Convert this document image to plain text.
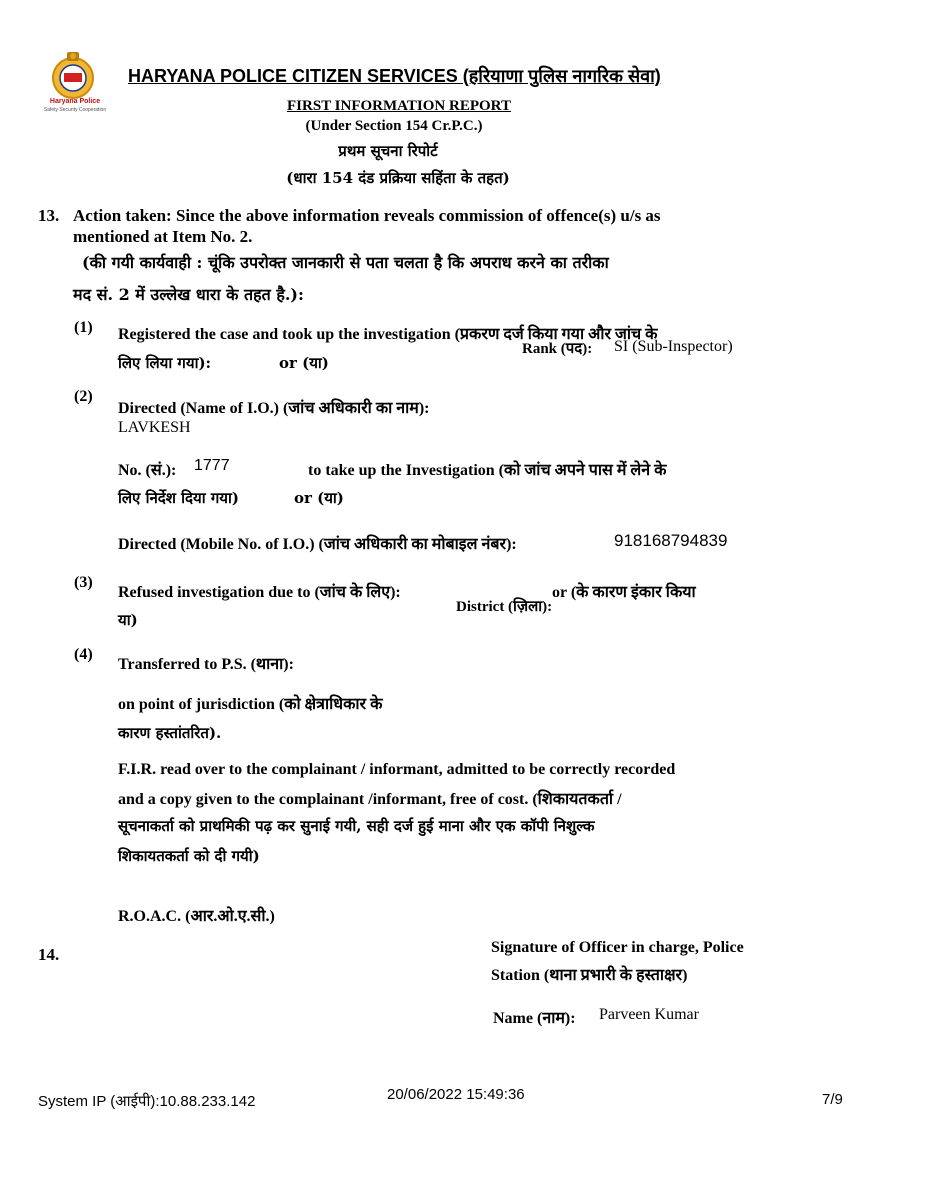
Haryana Police
Safety Security Cooperation
HARYANA POLICE CITIZEN SERVICES (हरियाणा पुलिस नागरिक सेवा)
FIRST INFORMATION REPORT
(Under Section 154 Cr.P.C.)
प्रथम सूचना रिपोर्ट
(धारा 154 दंड प्रक्रिया सहिंता के तहत)
13. Action taken: Since the above information reveals commission of offence(s) u/s as
mentioned at Item No. 2.
(की गयी कार्यवाही : चूंकि उपरोक्त जानकारी से पता चलता है कि अपराध करने का तरीका
मद सं. 2 में उल्लेख धारा के तहत है.):
(1) Registered the case and took up the investigation (प्रकरण दर्ज किया गया और जांच के
लिए लिया गया):	or (या)
Rank (पद): SI (Sub-Inspector)
(2)
Directed (Name of I.O.) (जांच अधिकारी का नाम):
LAVKESH
No. (सं.): 1777	to take up the Investigation (को जांच अपने पास में लेने के
लिए निर्देश दिया गया)	or (या)
Directed (Mobile No. of I.O.) (जांच अधिकारी का मोबाइल नंबर):	918168794839
(3)
Refused investigation due to (जांच के लिए):	or (के कारण इंकार किया
या)
District (ज़िला):
(4)
Transferred to P.S. (थाना):
on point of jurisdiction (को क्षेत्राधिकार के
कारण हस्तांतरित).
F.I.R. read over to the complainant / informant, admitted to be correctly recorded
and a copy given to the complainant /informant, free of cost. (शिकायतकर्ता /
सूचनाकर्ता को प्राथमिकी पढ़ कर सुनाई गयी, सही दर्ज हुई माना और एक कॉपी निशुल्क
शिकायतकर्ता को दी गयी)
R.O.A.C. (आर.ओ.ए.सी.)
14.	Signature of Officer in charge, Police
Station (थाना प्रभारी के हस्ताक्षर)
Name (नाम): Parveen Kumar
System IP (आईपी):10.88.233.142	20/06/2022 15:49:36	7/9
